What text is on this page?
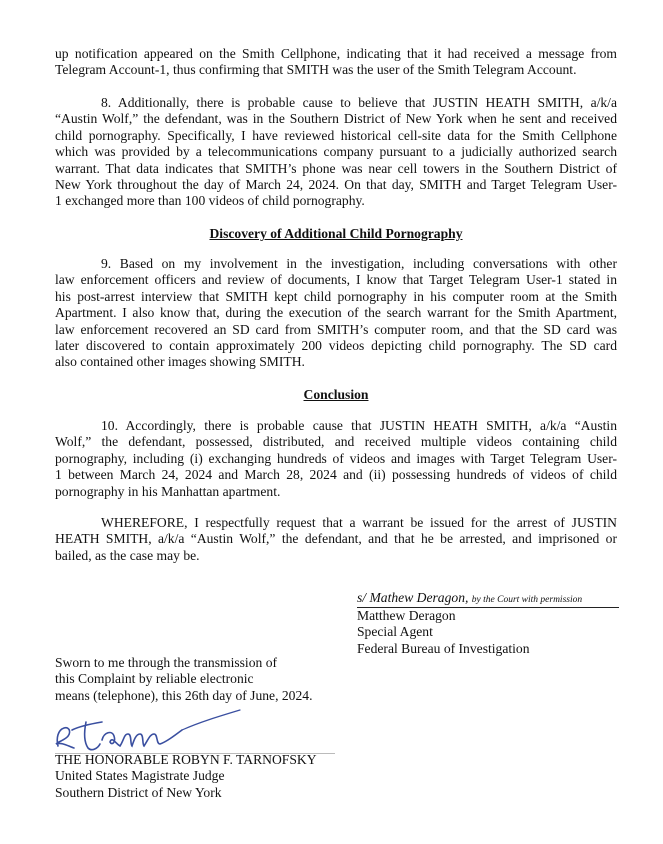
up notification appeared on the Smith Cellphone, indicating that it had received a message from
Telegram Account-1, thus confirming that SMITH was the user of the Smith Telegram Account.
8. Additionally, there is probable cause to believe that JUSTIN HEATH SMITH, a/k/a
“Austin Wolf,” the defendant, was in the Southern District of New York when he sent and received
child pornography. Specifically, I have reviewed historical cell-site data for the Smith Cellphone
which was provided by a telecommunications company pursuant to a judicially authorized search
warrant. That data indicates that SMITH’s phone was near cell towers in the Southern District of
New York throughout the day of March 24, 2024. On that day, SMITH and Target Telegram User-
1 exchanged more than 100 videos of child pornography.
Discovery of Additional Child Pornography
9. Based on my involvement in the investigation, including conversations with other
law enforcement officers and review of documents, I know that Target Telegram User-1 stated in
his post-arrest interview that SMITH kept child pornography in his computer room at the Smith
Apartment. I also know that, during the execution of the search warrant for the Smith Apartment,
law enforcement recovered an SD card from SMITH’s computer room, and that the SD card was
later discovered to contain approximately 200 videos depicting child pornography. The SD card
also contained other images showing SMITH.
Conclusion
10. Accordingly, there is probable cause that JUSTIN HEATH SMITH, a/k/a “Austin
Wolf,” the defendant, possessed, distributed, and received multiple videos containing child
pornography, including (i) exchanging hundreds of videos and images with Target Telegram User-
1 between March 24, 2024 and March 28, 2024 and (ii) possessing hundreds of videos of child
pornography in his Manhattan apartment.
WHEREFORE, I respectfully request that a warrant be issued for the arrest of JUSTIN
HEATH SMITH, a/k/a “Austin Wolf,” the defendant, and that he be arrested, and imprisoned or
bailed, as the case may be.
s/ Mathew Deragon, by the Court with permission
Matthew Deragon
Special Agent
Federal Bureau of Investigation
Sworn to me through the transmission of
this Complaint by reliable electronic
means (telephone), this 26th day of June, 2024.
THE HONORABLE ROBYN F. TARNOFSKY
United States Magistrate Judge
Southern District of New York
